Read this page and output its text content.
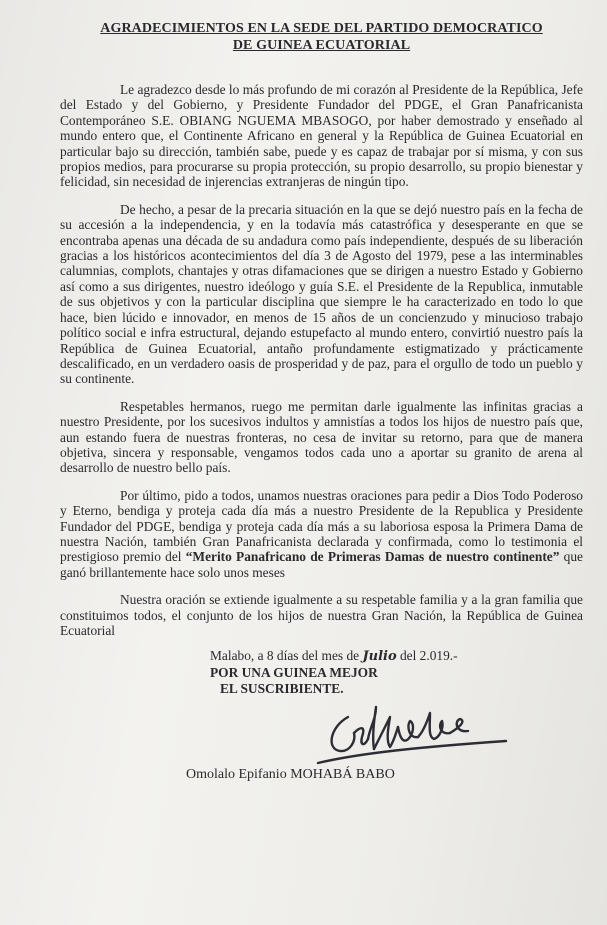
AGRADECIMIENTOS EN LA SEDE DEL PARTIDO DEMOCRATICO
DE GUINEA ECUATORIAL

Le agradezco desde lo más profundo de mi corazón al Presidente de la República, Jefe del Estado y del Gobierno, y Presidente Fundador del PDGE, el Gran Panafricanista Contemporáneo S.E. OBIANG NGUEMA MBASOGO, por haber demostrado y enseñado al mundo entero que, el Continente Africano en general y la República de Guinea Ecuatorial en particular bajo su dirección, también sabe, puede y es capaz de trabajar por sí misma, y con sus propios medios, para procurarse su propia protección, su propio desarrollo, su propio bienestar y felicidad, sin necesidad de injerencias extranjeras de ningún tipo.

De hecho, a pesar de la precaria situación en la que se dejó nuestro país en la fecha de su accesión a la independencia, y en la todavía más catastrófica y desesperante en que se encontraba apenas una década de su andadura como país independiente, después de su liberación gracias a los históricos acontecimientos del día 3 de Agosto del 1979, pese a las interminables calumnias, complots, chantajes y otras difamaciones que se dirigen a nuestro Estado y Gobierno así como a sus dirigentes, nuestro ideólogo y guía S.E. el Presidente de la Republica, inmutable de sus objetivos y con la particular disciplina que siempre le ha caracterizado en todo lo que hace, bien lúcido e innovador, en menos de 15 años de un concienzudo y minucioso trabajo político social e infra estructural, dejando estupefacto al mundo entero, convirtió nuestro país la República de Guinea Ecuatorial, antaño profundamente estigmatizado y prácticamente descalificado, en un verdadero oasis de prosperidad y de paz, para el orgullo de todo un pueblo y su continente.

Respetables hermanos, ruego me permitan darle igualmente las infinitas gracias a nuestro Presidente, por los sucesivos indultos y amnistías a todos los hijos de nuestro país que, aun estando fuera de nuestras fronteras, no cesa de invitar su retorno, para que de manera objetiva, sincera y responsable, vengamos todos cada uno a aportar su granito de arena al desarrollo de nuestro bello país.

Por último, pido a todos, unamos nuestras oraciones para pedir a Dios Todo Poderoso y Eterno, bendiga y proteja cada día más a nuestro Presidente de la Republica y Presidente Fundador del PDGE, bendiga y proteja cada día más a su laboriosa esposa la Primera Dama de nuestra Nación, también Gran Panafricanista declarada y confirmada, como lo testimonia el prestigioso premio del “Merito Panafricano de Primeras Damas de nuestro continente” que ganó brillantemente hace solo unos meses

Nuestra oración se extiende igualmente a su respetable familia y a la gran familia que constituimos todos, el conjunto de los hijos de nuestra Gran Nación, la República de Guinea Ecuatorial

Malabo, a 8 días del mes de Julio del 2.019.-
POR UNA GUINEA MEJOR
EL SUSCRIBIENTE.
Omolalo Epifanio MOHABÁ BABO
